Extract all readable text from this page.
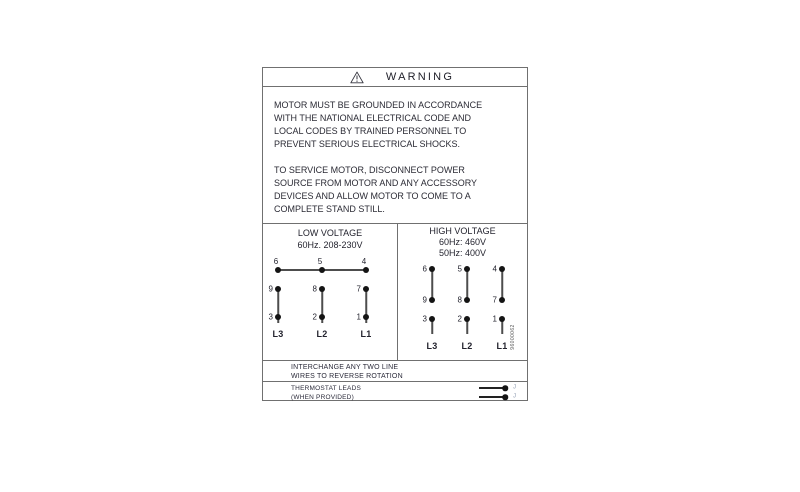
WARNING
MOTOR MUST BE GROUNDED IN ACCORDANCE
WITH THE NATIONAL ELECTRICAL CODE AND
LOCAL CODES BY TRAINED PERSONNEL TO
PREVENT SERIOUS ELECTRICAL SHOCKS.
TO SERVICE MOTOR, DISCONNECT POWER
SOURCE FROM MOTOR AND ANY ACCESSORY
DEVICES AND ALLOW MOTOR TO COME TO A
COMPLETE STAND STILL.
LOW VOLTAGE
60Hz. 208-230V
6	5	4
9	8	7
3	2	1
L3	L2	L1
HIGH VOLTAGE
60Hz: 460V
50Hz: 400V
6	5	4
9	8	7
3	2	1
L3	L2	L1 96000062
INTERCHANGE ANY TWO LINE
WIRES TO REVERSE ROTATION
THERMOSTAT LEADS
(WHEN PROVIDED)
J
J
